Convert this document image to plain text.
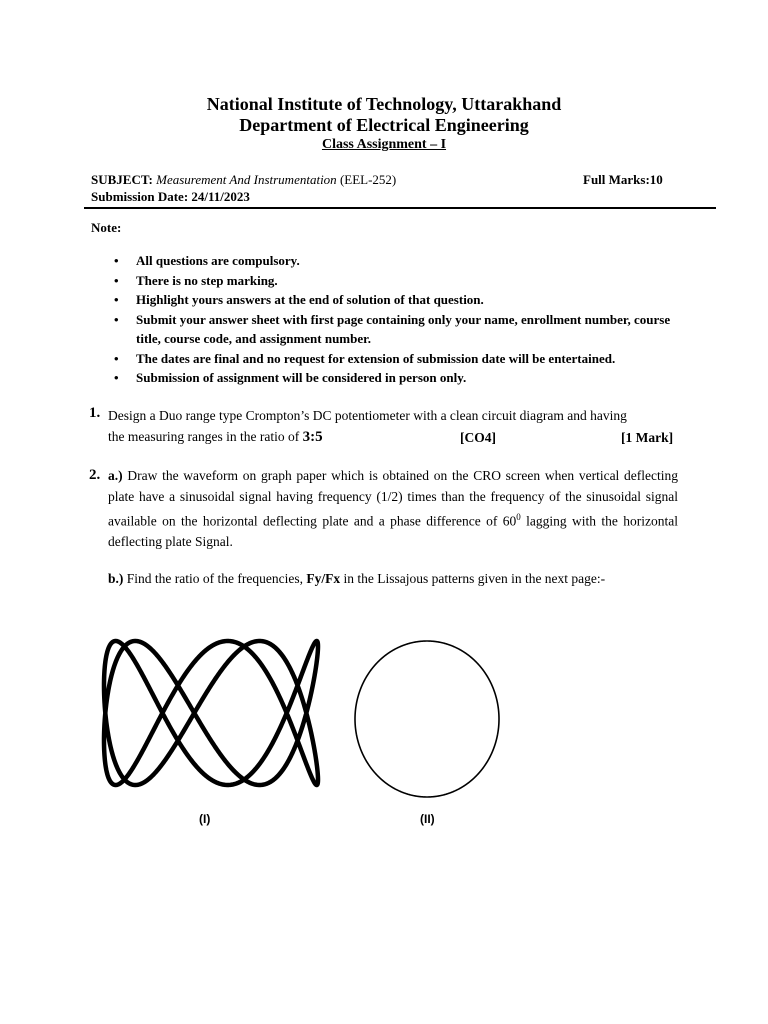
National Institute of Technology, Uttarakhand
Department of Electrical Engineering
Class Assignment – I
SUBJECT: Measurement And Instrumentation (EEL-252)	Full Marks:10
Submission Date: 24/11/2023
Note:
• All questions are compulsory.
• There is no step marking.
• Highlight yours answers at the end of solution of that question.
• Submit your answer sheet with first page containing only your name, enrollment number, course title, course code, and assignment number.
• The dates are final and no request for extension of submission date will be entertained.
• Submission of assignment will be considered in person only.
1. Design a Duo range type Crompton’s DC potentiometer with a clean circuit diagram and having
the measuring ranges in the ratio of 3:5	[CO4]	[1 Mark]
2. a.) Draw the waveform on graph paper which is obtained on the CRO screen when vertical deflecting plate have a sinusoidal signal having frequency (1/2) times than the frequency of the sinusoidal signal available on the horizontal deflecting plate and a phase difference of $60^0$ lagging with the horizontal deflecting plate Signal.
b.) Find the ratio of the frequencies, Fy/Fx in the Lissajous patterns given in the next page:-
(I)	(II)
